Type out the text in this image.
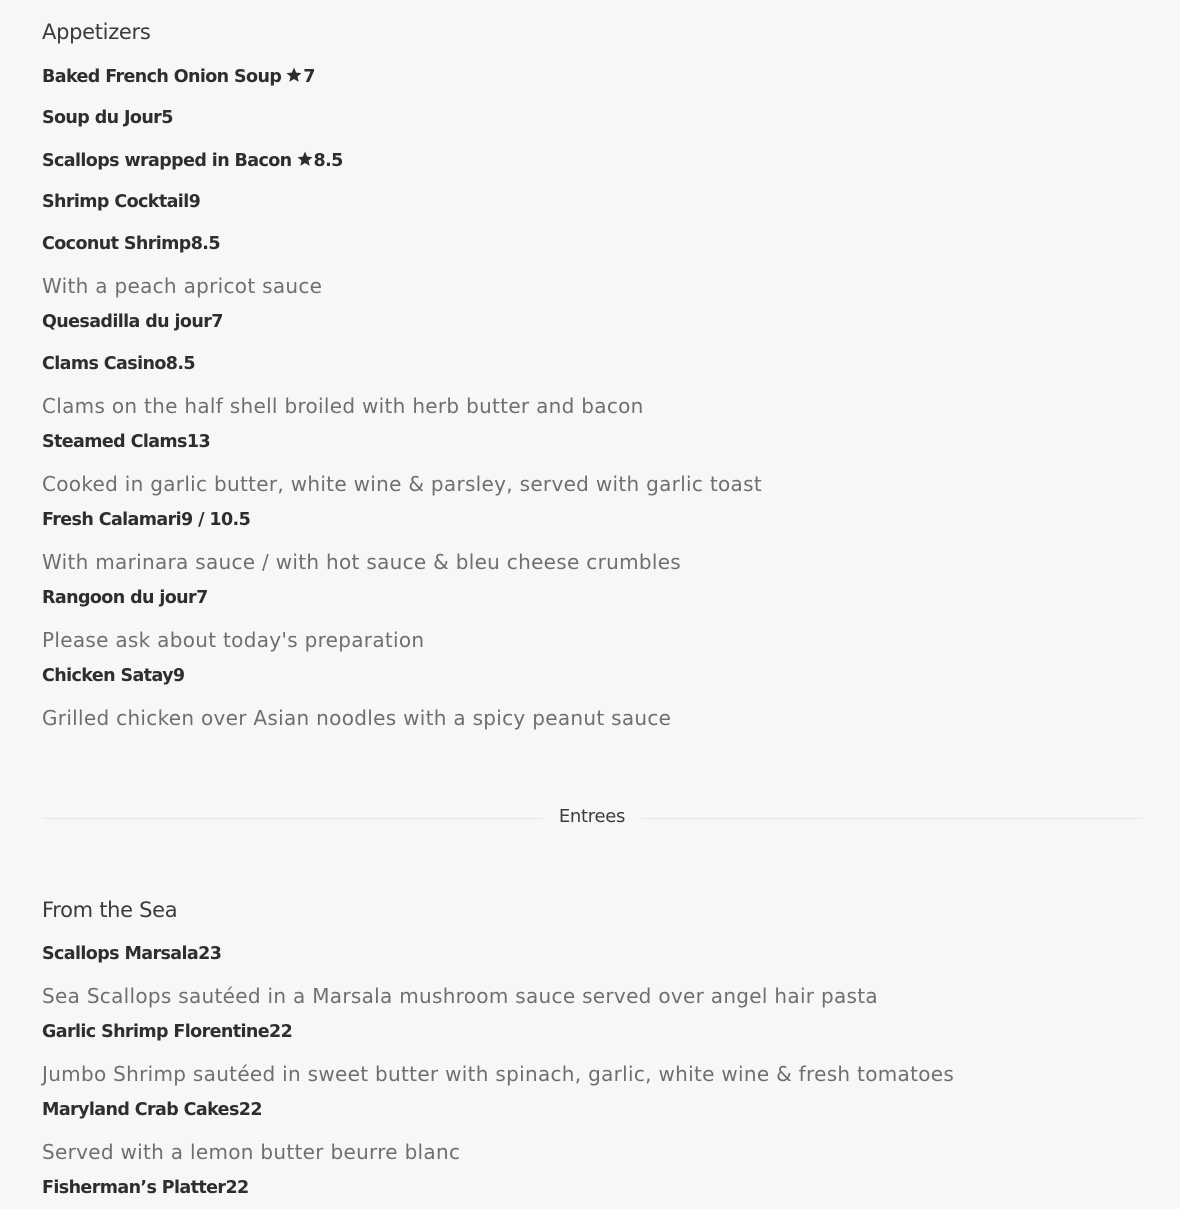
Appetizers
Baked French Onion Soup 7
Soup du Jour5
Scallops wrapped in Bacon 8.5
Shrimp Cocktail9
Coconut Shrimp8.5
With a peach apricot sauce
Quesadilla du jour7
Clams Casino8.5
Clams on the half shell broiled with herb butter and bacon
Steamed Clams13
Cooked in garlic butter, white wine & parsley, served with garlic toast
Fresh Calamari9 / 10.5
With marinara sauce / with hot sauce & bleu cheese crumbles
Rangoon du jour7
Please ask about today's preparation
Chicken Satay9
Grilled chicken over Asian noodles with a spicy peanut sauce
From the Sea
Scallops Marsala23
Sea Scallops sautéed in a Marsala mushroom sauce served over angel hair pasta
Garlic Shrimp Florentine22
Jumbo Shrimp sautéed in sweet butter with spinach, garlic, white wine & fresh tomatoes
Maryland Crab Cakes22
Served with a lemon butter beurre blanc
Fisherman’s Platter22
Entrees
